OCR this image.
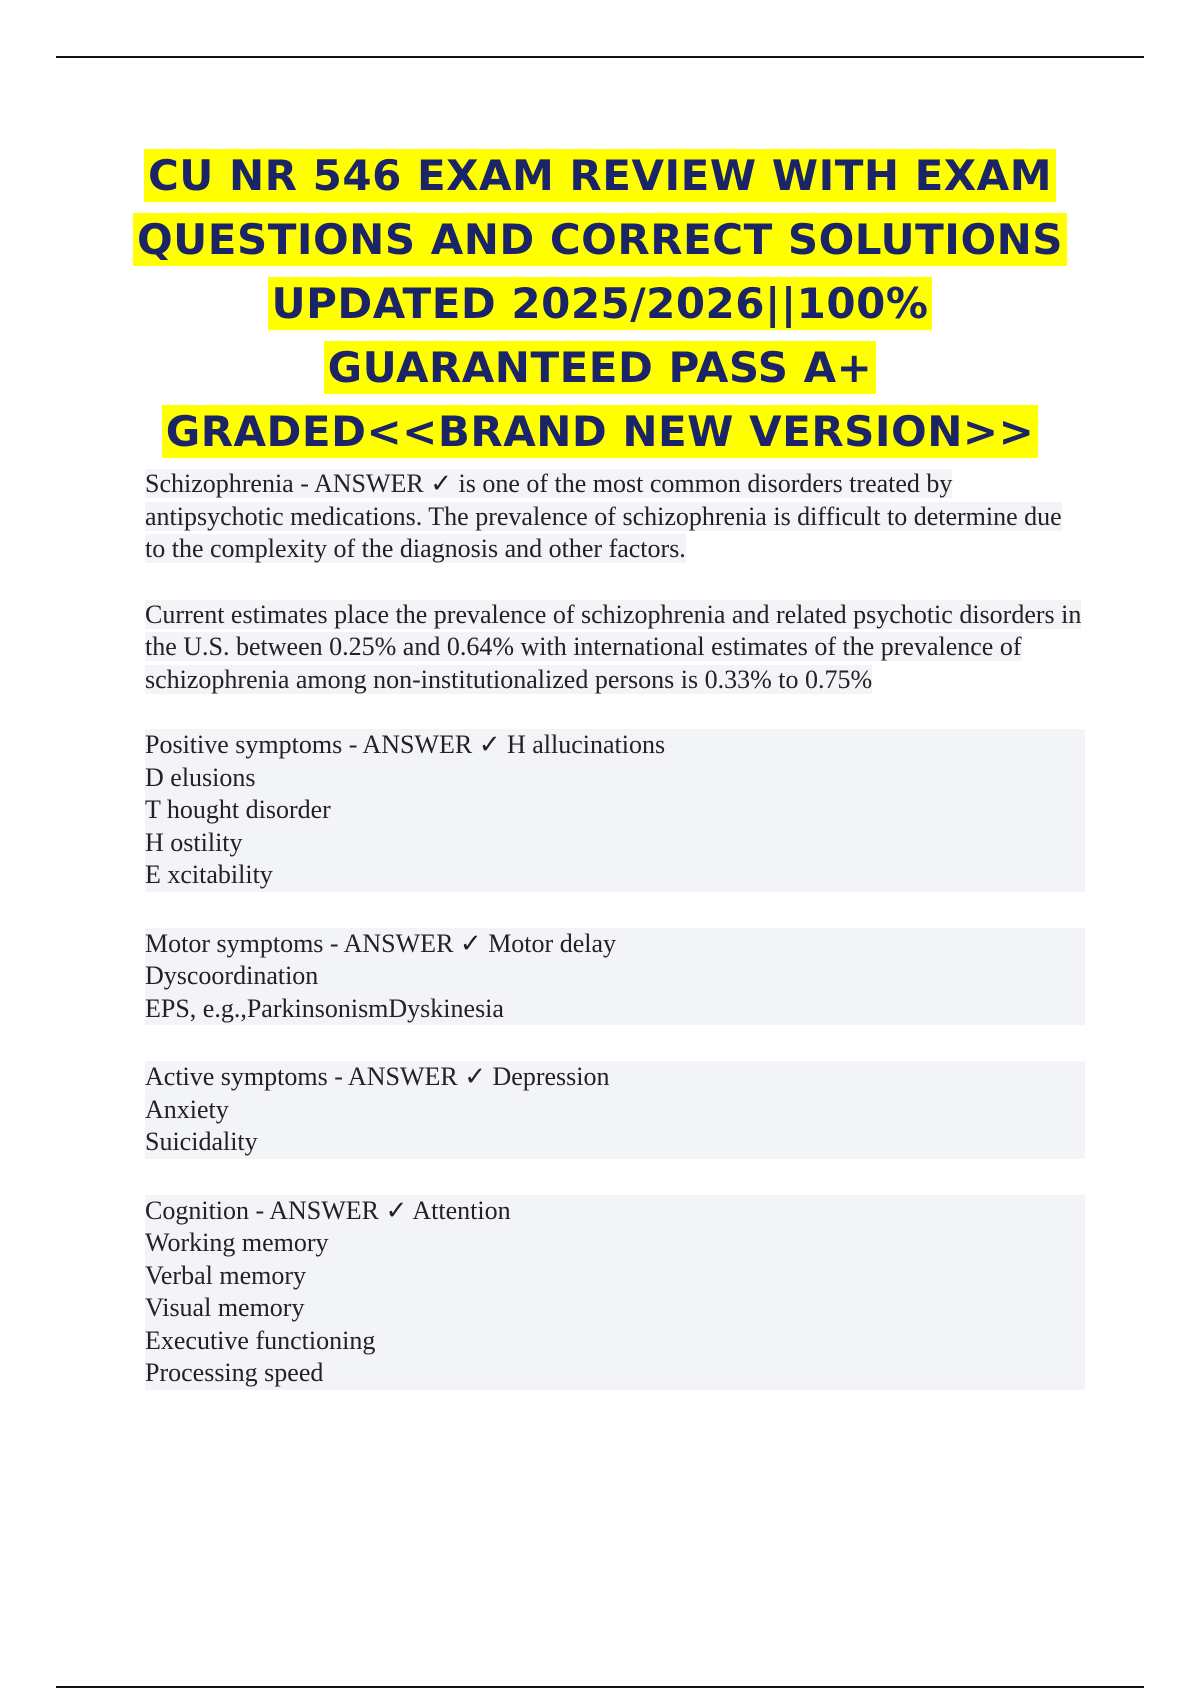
CU NR 546 EXAM REVIEW WITH EXAM
QUESTIONS AND CORRECT SOLUTIONS
UPDATED 2025/2026||100%
GUARANTEED PASS A+
GRADED<<BRAND NEW VERSION>>

Schizophrenia - ANSWER ✓ is one of the most common disorders treated by antipsychotic medications. The prevalence of schizophrenia is difficult to determine due to the complexity of the diagnosis and other factors.

Current estimates place the prevalence of schizophrenia and related psychotic disorders in the U.S. between 0.25% and 0.64% with international estimates of the prevalence of schizophrenia among non-institutionalized persons is 0.33% to 0.75%

Positive symptoms - ANSWER ✓ H allucinations
D elusions
T hought disorder
H ostility
E xcitability
Motor symptoms - ANSWER ✓ Motor delay
Dyscoordination
EPS, e.g.,ParkinsonismDyskinesia
Active symptoms - ANSWER ✓ Depression
Anxiety
Suicidality
Cognition - ANSWER ✓ Attention
Working memory
Verbal memory
Visual memory
Executive functioning
Processing speed
